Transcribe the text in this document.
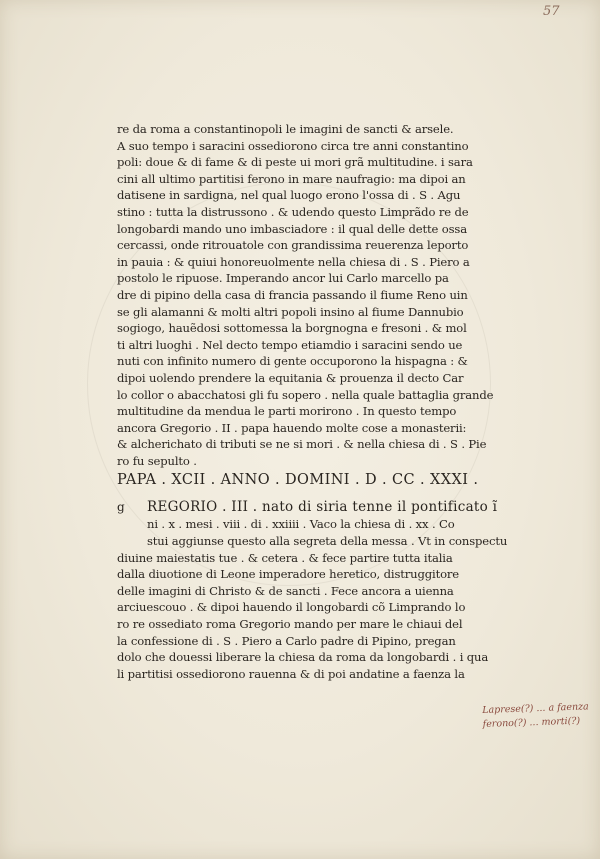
57
re da roma a constantinopoli le imagini de sancti & arsele.
A suo tempo i saracini ossediorono circa tre anni constantino
poli: doue & di fame & di peste ui mori grã multitudine. i sara
cini all ultimo partitisi ferono in mare naufragio: ma dipoi an
datisene in sardigna, nel qual luogo erono l'ossa di . S . Agu
stino : tutta la distrussono . & udendo questo Limprãdo re de
longobardi mando uno imbasciadore : il qual delle dette ossa
cercassi, onde ritrouatole con grandissima reuerenza leporto
in pauia : & quiui honoreuolmente nella chiesa di . S . Piero a
postolo le ripuose. Imperando ancor lui Carlo marcello pa
dre di pipino della casa di francia passando il fiume Reno uin
se gli alamanni & molti altri popoli insino al fiume Dannubio
sogiogo, hauẽdosi sottomessa la borgnogna e fresoni . & mol
ti altri luoghi . Nel decto tempo etiamdio i saracini sendo ue
nuti con infinito numero di gente occuporono la hispagna : &
dipoi uolendo prendere la equitania & prouenza il decto Car
lo collor o abacchatosi gli fu sopero . nella quale battaglia grande
multitudine da mendua le parti morirono . In questo tempo
ancora Gregorio . II . papa hauendo molte cose a monasterii:
& alcherichato di tributi se ne si mori . & nella chiesa di . S . Pie
ro fu sepulto .
PAPA . XCII . ANNO . DOMINI . D . CC . XXXI .
g REGORIO . III . nato di siria tenne il pontificato ĩ
ni . x . mesi . viii . di . xxiiii . Vaco la chiesa di . xx . Co
stui aggiunse questo alla segreta della messa . Vt in conspectu
diuine maiestatis tue . & cetera . & fece partire tutta italia
dalla diuotione di Leone imperadore heretico, distruggitore
delle imagini di Christo & de sancti . Fece ancora a uienna
arciuescouo . & dipoi hauendo il longobardi cõ Limprando lo
ro re ossediato roma Gregorio mando per mare le chiaui del
la confessione di . S . Piero a Carlo padre di Pipino, pregan
dolo che douessi liberare la chiesa da roma da longobardi . i qua
li partitisi ossediorono rauenna & di poi andatine a faenza la
Laprese(?) ... a faenza
ferono(?) ... morti(?)
